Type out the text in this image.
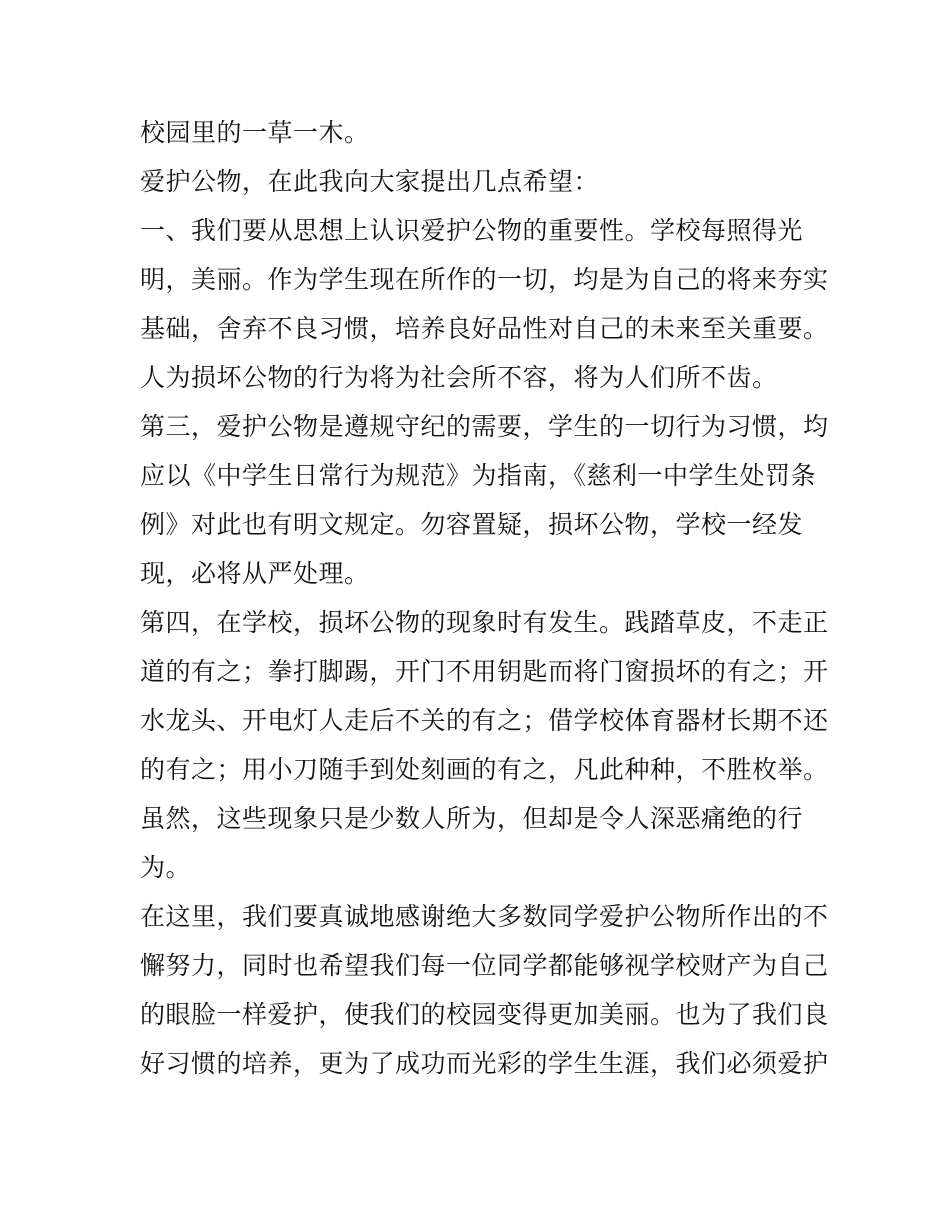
校园里的一草一木。

爱护公物，在此我向大家提出几点希望：

一、我们要从思想上认识爱护公物的重要性。学校每照得光

明，美丽。作为学生现在所作的一切，均是为自己的将来夯实

基础，舍弃不良习惯，培养良好品性对自己的未来至关重要。

人为损坏公物的行为将为社会所不容，将为人们所不齿。

第三，爱护公物是遵规守纪的需要，学生的一切行为习惯，均

应以《中学生日常行为规范》为指南，《慈利一中学生处罚条

例》对此也有明文规定。勿容置疑，损坏公物，学校一经发

现，必将从严处理。

第四，在学校，损坏公物的现象时有发生。践踏草皮，不走正

道的有之；拳打脚踢，开门不用钥匙而将门窗损坏的有之；开

水龙头、开电灯人走后不关的有之；借学校体育器材长期不还

的有之；用小刀随手到处刻画的有之，凡此种种，不胜枚举。

虽然，这些现象只是少数人所为，但却是令人深恶痛绝的行

为。

在这里，我们要真诚地感谢绝大多数同学爱护公物所作出的不

懈努力，同时也希望我们每一位同学都能够视学校财产为自己

的眼脸一样爱护，使我们的校园变得更加美丽。也为了我们良

好习惯的培养，更为了成功而光彩的学生生涯，我们必须爱护
